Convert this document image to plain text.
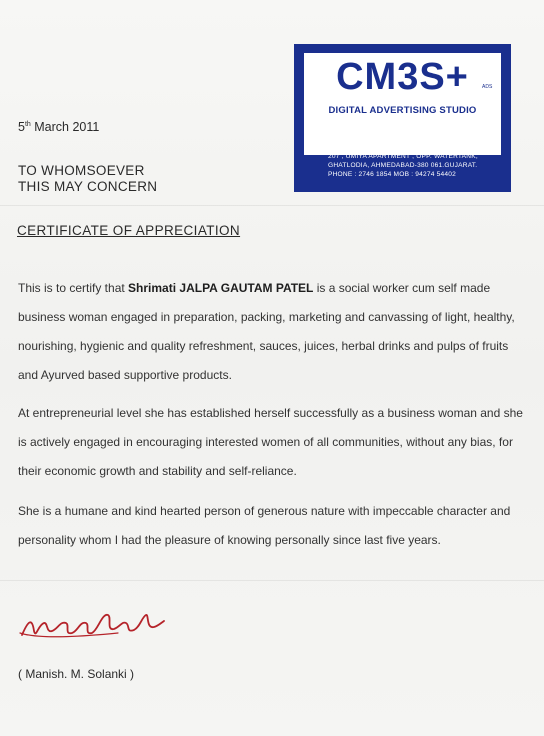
CM3S+	ADS
DIGITAL ADVERTISING STUDIO
MANISH . M . SOLANKI
PHOTOGRAPHER , ARTIST , TECHNOLOGIST
207 , UMIYA APARTMENT , OPP. WATERTANK,
GHATLODIA, AHMEDABAD-380 061.GUJARAT.
PHONE : 2746 1854 MOB : 94274 54402
5th March 2011
TO WHOMSOEVER
THIS MAY CONCERN
CERTIFICATE OF APPRECIATION
This is to certify that Shrimati JALPA GAUTAM PATEL is a social worker cum self made business woman engaged in preparation, packing, marketing and canvassing of light, healthy, nourishing, hygienic and quality refreshment, sauces, juices, herbal drinks and pulps of fruits and Ayurved based supportive products.
At entrepreneurial level she has established herself successfully as a business woman and she is actively engaged in encouraging interested women of all communities, without any bias, for their economic growth and stability and self-reliance.
She is a humane and kind hearted person of generous nature with impeccable character and personality whom I had the pleasure of knowing personally since last five years.
( Manish. M. Solanki )
